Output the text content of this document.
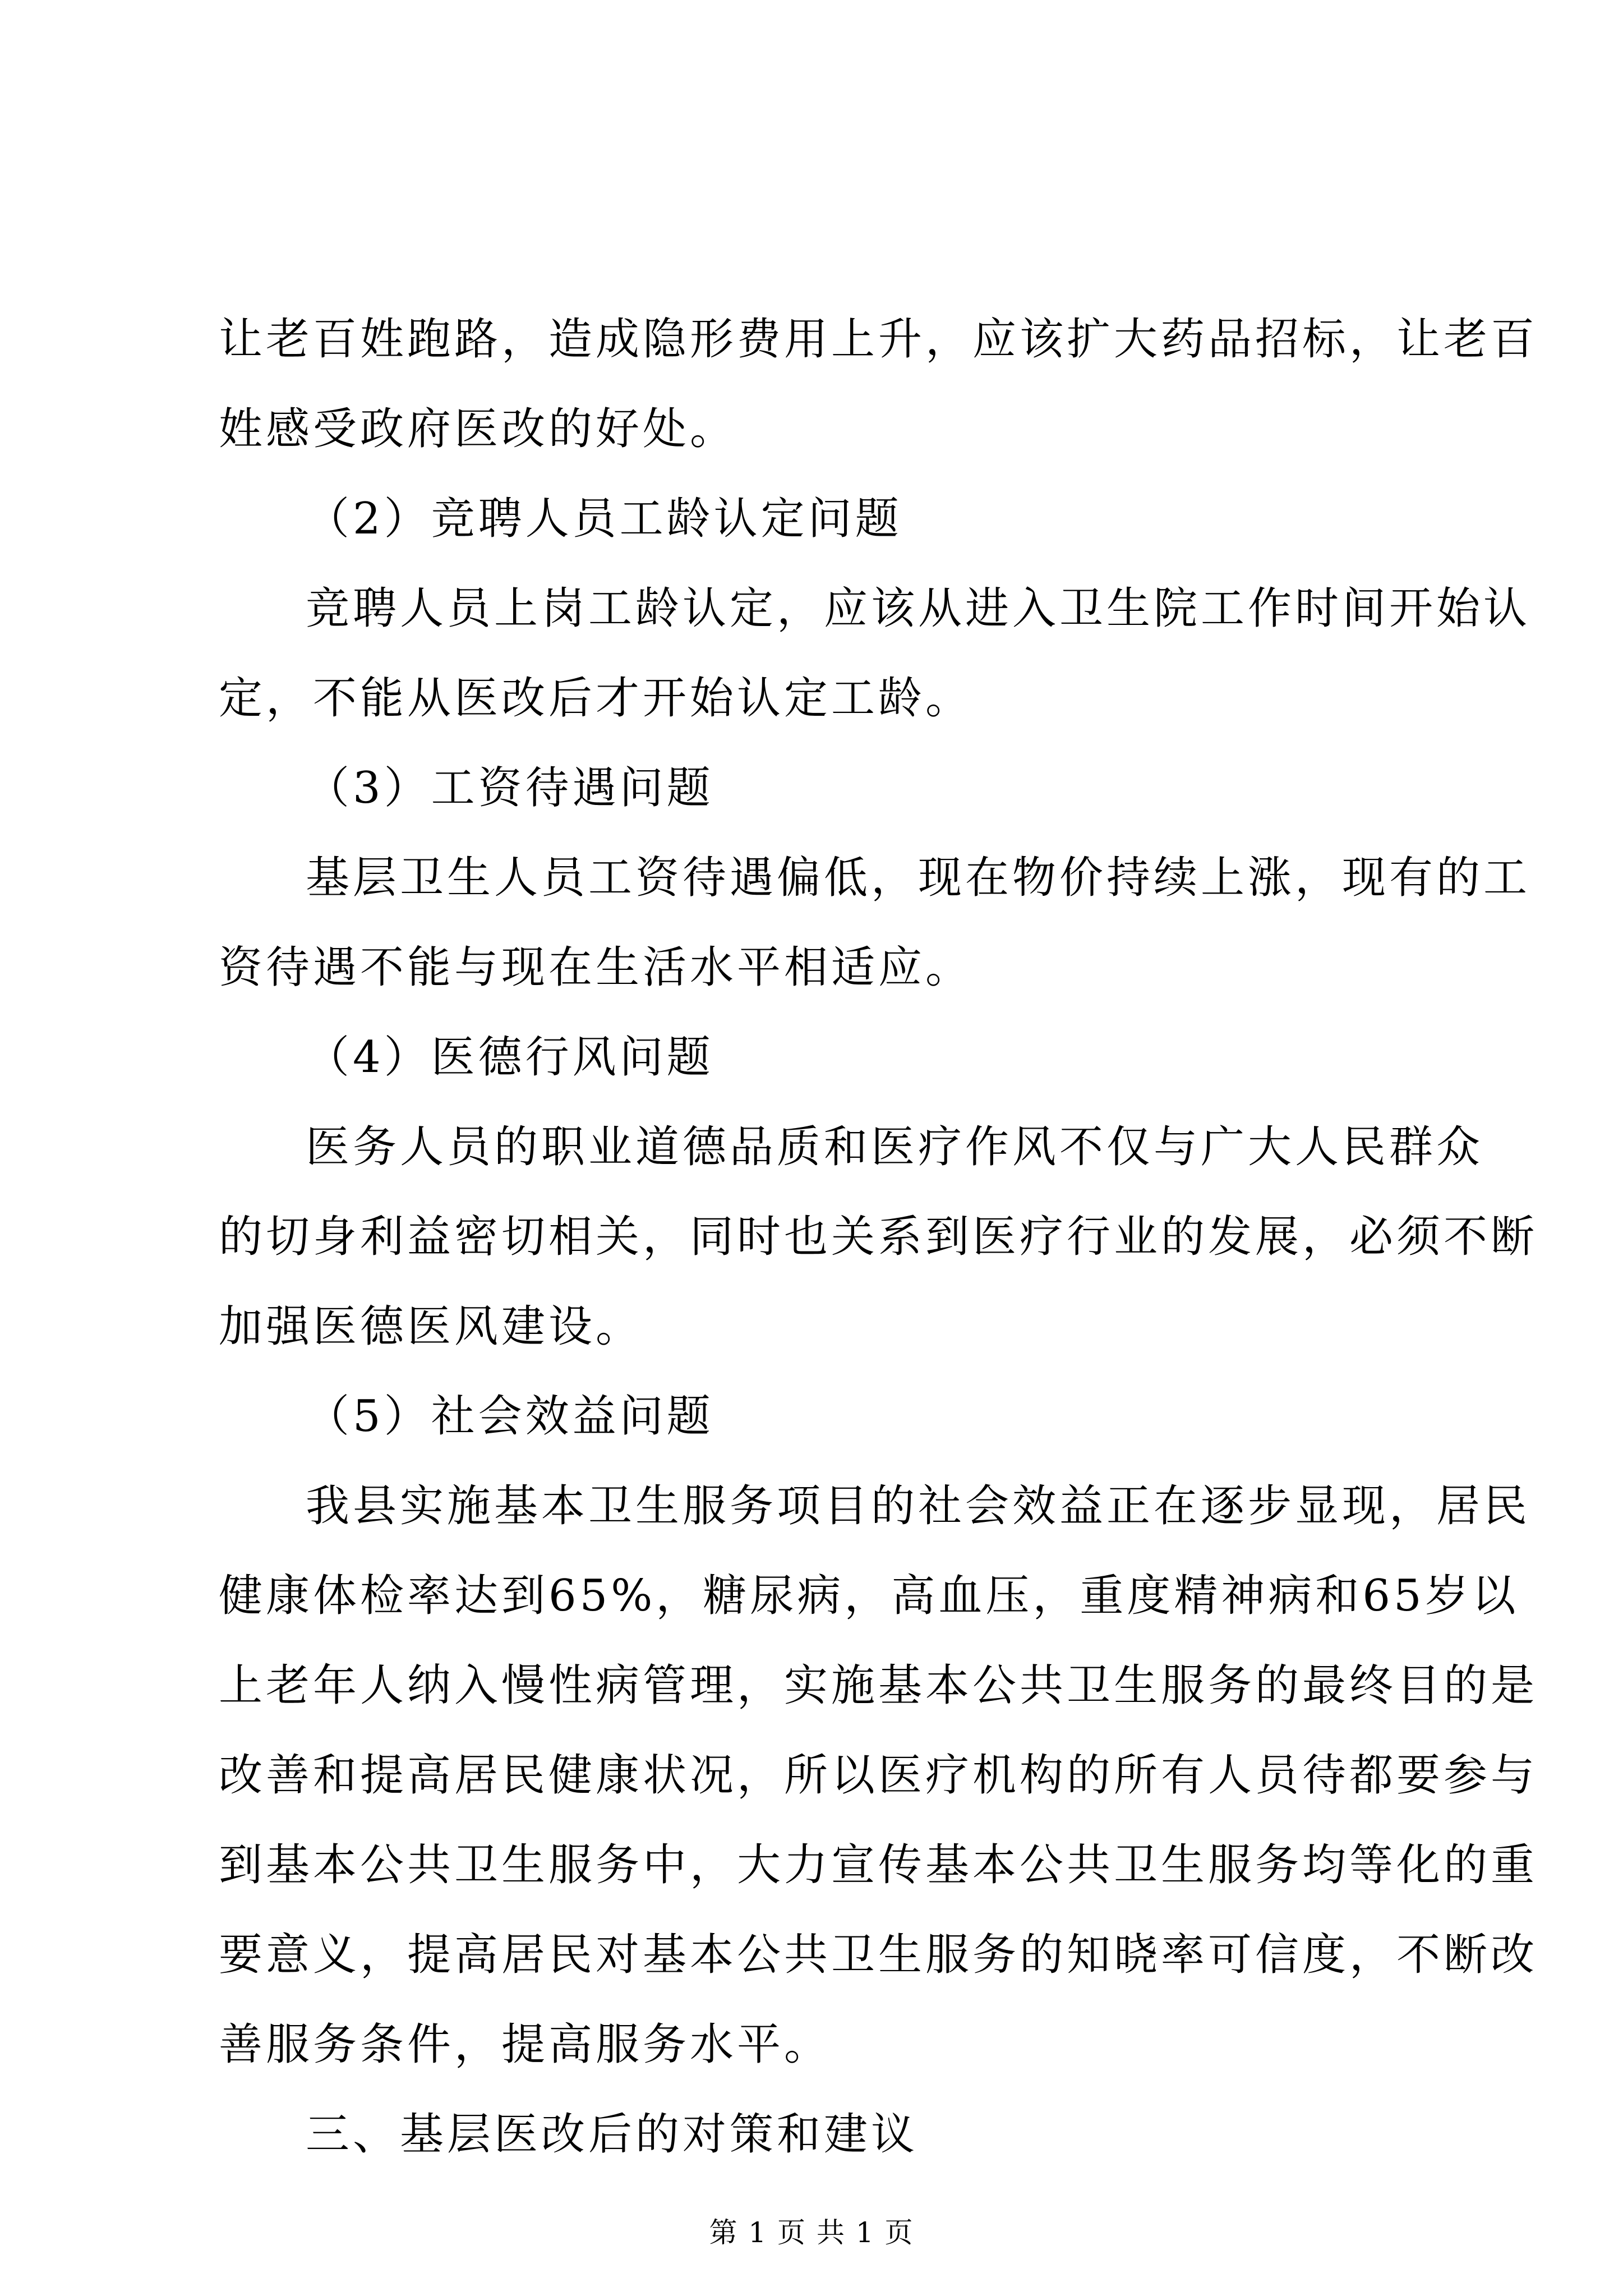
让老百姓跑路，造成隐形费用上升，应该扩大药品招标，让老百
姓感受政府医改的好处。
（2）竞聘人员工龄认定问题
竞聘人员上岗工龄认定，应该从进入卫生院工作时间开始认
定，不能从医改后才开始认定工龄。
（3）工资待遇问题
基层卫生人员工资待遇偏低，现在物价持续上涨，现有的工
资待遇不能与现在生活水平相适应。
（4）医德行风问题
医务人员的职业道德品质和医疗作风不仅与广大人民群众
的切身利益密切相关，同时也关系到医疗行业的发展，必须不断
加强医德医风建设。
（5）社会效益问题
我县实施基本卫生服务项目的社会效益正在逐步显现，居民
健康体检率达到65%，糖尿病，高血压，重度精神病和65岁以
上老年人纳入慢性病管理，实施基本公共卫生服务的最终目的是
改善和提高居民健康状况，所以医疗机构的所有人员待都要参与
到基本公共卫生服务中，大力宣传基本公共卫生服务均等化的重
要意义，提高居民对基本公共卫生服务的知晓率可信度，不断改
善服务条件，提高服务水平。
三、基层医改后的对策和建议
第 1 页 共 1 页
